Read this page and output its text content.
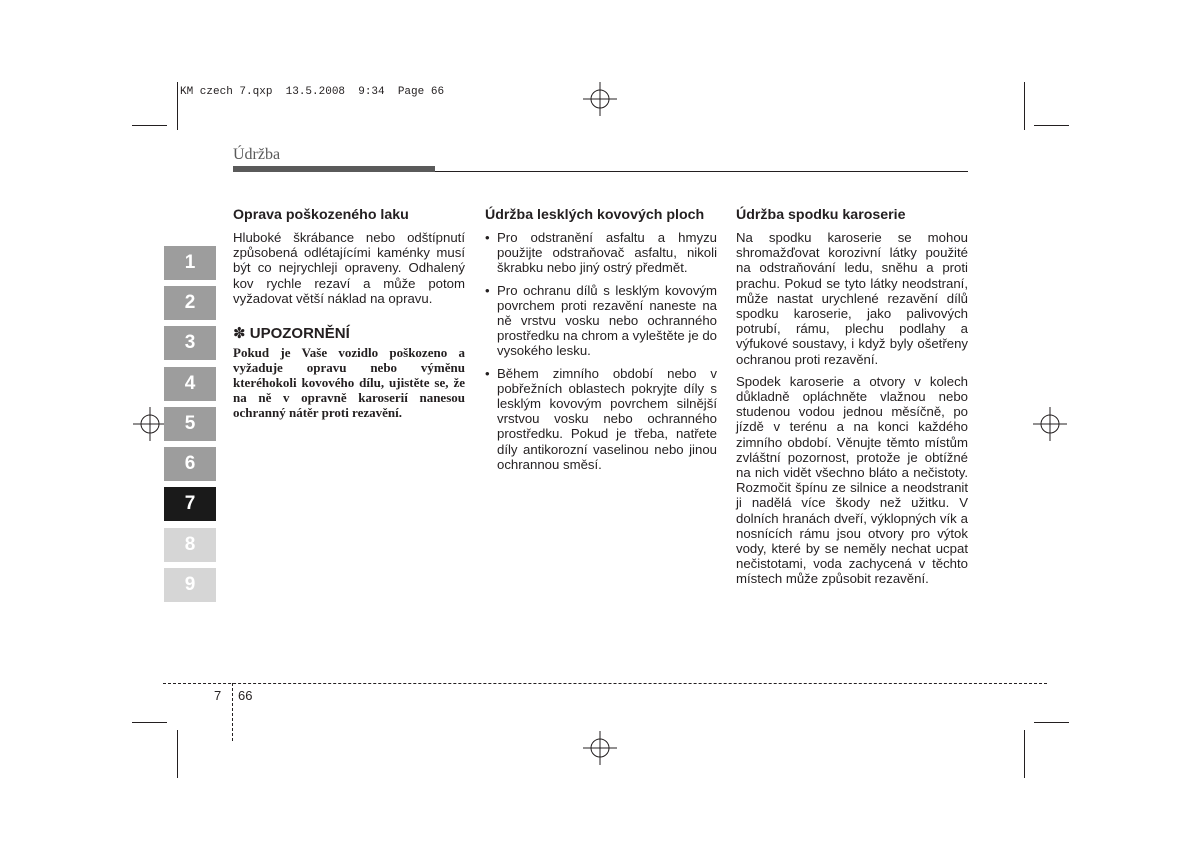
KM czech 7.qxp  13.5.2008  9:34  Page 66
Údržba
1
2
3
4
5
6
7
8
9
Oprava poškozeného laku

Hluboké škrábance nebo odštípnutí způsobená odlétajícími kaménky musí být co nejrychleji opraveny. Odhalený kov rychle rezaví a může potom vyžadovat větší náklad na opravu.

✽ UPOZORNĚNÍ

Pokud je Vaše vozidlo poškozeno a vyžaduje opravu nebo výměnu kteréhokoli kovového dílu, ujistěte se, že na ně v opravně karoserií nanesou ochranný nátěr proti rezavění.

Údržba lesklých kovových ploch
• Pro odstranění asfaltu a hmyzu použijte odstraňovač asfaltu, nikoli škrabku nebo jiný ostrý předmět.
• Pro ochranu dílů s lesklým kovovým povrchem proti rezavění naneste na ně vrstvu vosku nebo ochranného prostředku na chrom a vyleštěte je do vysokého lesku.
• Během zimního období nebo v pobřežních oblastech pokryjte díly s lesklým kovovým povrchem silnější vrstvou vosku nebo ochranného prostředku. Pokud je třeba, natřete díly antikorozní vaselinou nebo jinou ochrannou směsí.
Údržba spodku karoserie

Na spodku karoserie se mohou shromažďovat korozivní látky použité na odstraňování ledu, sněhu a proti prachu. Pokud se tyto látky neodstraní, může nastat urychlené rezavění dílů spodku karoserie, jako palivových potrubí, rámu, plechu podlahy a výfukové soustavy, i když byly ošetřeny ochranou proti rezavění.

Spodek karoserie a otvory v kolech důkladně opláchněte vlažnou nebo studenou vodou jednou měsíčně, po jízdě v terénu a na konci každého zimního období. Věnujte těmto místům zvláštní pozornost, protože je obtížné na nich vidět všechno bláto a nečistoty. Rozmočit špínu ze silnice a neodstranit ji nadělá více škody než užitku. V dolních hranách dveří, výklopných vík a nosnících rámu jsou otvory pro výtok vody, které by se neměly nechat ucpat nečistotami, voda zachycená v těchto místech může způsobit rezavění.

7 66
